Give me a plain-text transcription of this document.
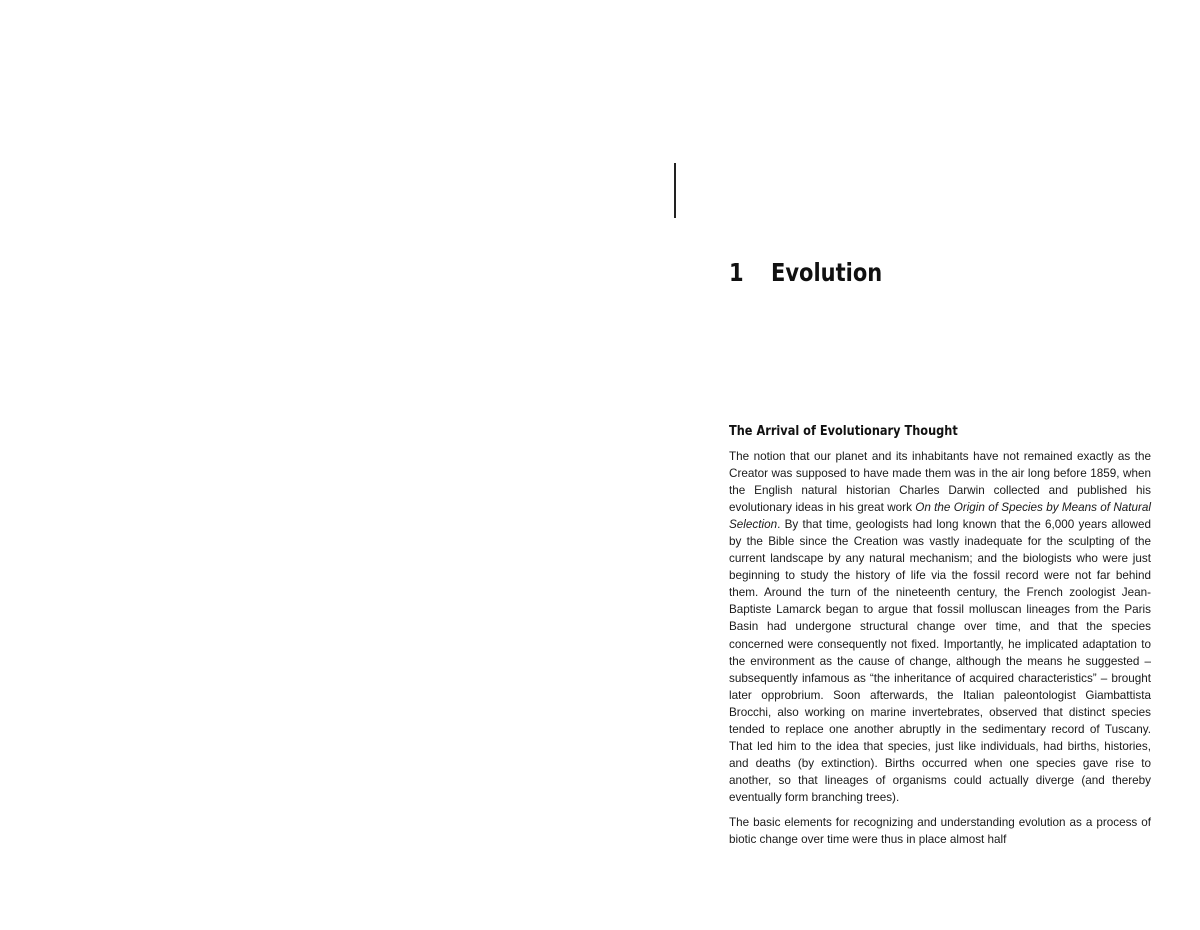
1 Evolution
The Arrival of Evolutionary Thought

The notion that our planet and its inhabitants have not remained exactly as the Creator was supposed to have made them was in the air long before 1859, when the English natural historian Charles Darwin collected and published his evolutionary ideas in his great work On the Origin of Species by Means of Natural Selection. By that time, geologists had long known that the 6,000 years allowed by the Bible since the Creation was vastly inadequate for the sculpting of the current landscape by any natural mechanism; and the biologists who were just beginning to study the history of life via the fossil record were not far behind them. Around the turn of the nineteenth century, the French zoologist Jean-Baptiste Lamarck began to argue that fossil molluscan lineages from the Paris Basin had undergone structural change over time, and that the species concerned were consequently not fixed. Importantly, he implicated adaptation to the environment as the cause of change, although the means he suggested – subsequently infamous as “the inheritance of acquired characteristics” – brought later opprobrium. Soon afterwards, the Italian paleontologist Giambattista Brocchi, also working on marine invertebrates, observed that distinct species tended to replace one another abruptly in the sedimentary record of Tuscany. That led him to the idea that species, just like individuals, had births, histories, and deaths (by extinction). Births occurred when one species gave rise to another, so that lineages of organisms could actually diverge (and thereby eventually form branching trees).

The basic elements for recognizing and understanding evolution as a process of biotic change over time were thus in place almost half
